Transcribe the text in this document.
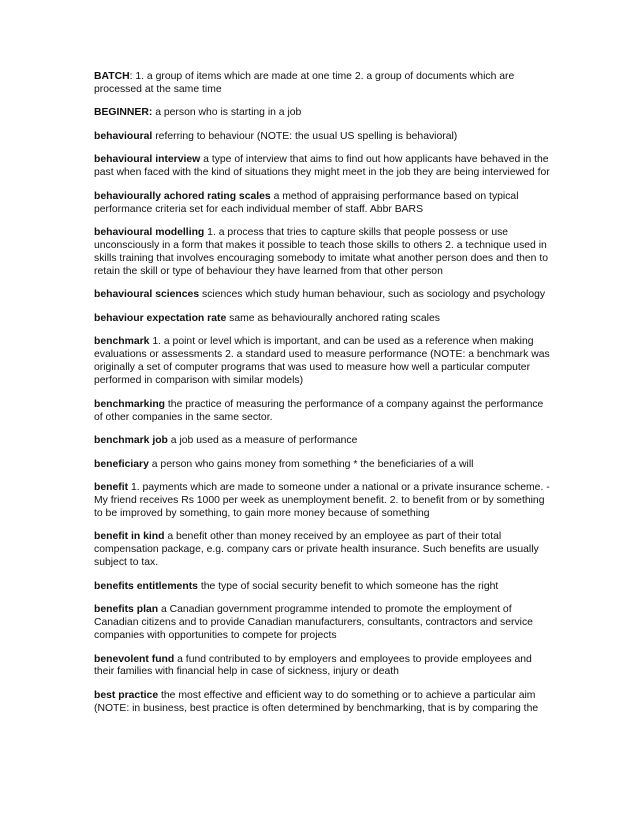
BATCH: 1. a group of items which are made at one time 2. a group of documents which are processed at the same time

BEGINNER: a person who is starting in a job

behavioural referring to behaviour (NOTE: the usual US spelling is behavioral)

behavioural interview a type of interview that aims to find out how applicants have behaved in the past when faced with the kind of situations they might meet in the job they are being interviewed for

behaviourally achored rating scales a method of appraising performance based on typical performance criteria set for each individual member of staff. Abbr BARS

behavioural modelling 1. a process that tries to capture skills that people possess or use unconsciously in a form that makes it possible to teach those skills to others 2. a technique used in skills training that involves encouraging somebody to imitate what another person does and then to retain the skill or type of behaviour they have learned from that other person

behavioural sciences sciences which study human behaviour, such as sociology and psychology

behaviour expectation rate same as behaviourally anchored rating scales

benchmark 1. a point or level which is important, and can be used as a reference when making evaluations or assessments 2. a standard used to measure performance (NOTE: a benchmark was originally a set of computer programs that was used to measure how well a particular computer performed in comparison with similar models)

benchmarking the practice of measuring the performance of a company against the performance of other companies in the same sector.

benchmark job a job used as a measure of performance

beneficiary a person who gains money from something * the beneficiaries of a will

benefit 1. payments which are made to someone under a national or a private insurance scheme. - My friend receives Rs 1000 per week as unemployment benefit. 2. to benefit from or by something to be improved by something, to gain more money because of something

benefit in kind a benefit other than money received by an employee as part of their total compensation package, e.g. company cars or private health insurance. Such benefits are usually subject to tax.

benefits entitlements the type of social security benefit to which someone has the right

benefits plan a Canadian government programme intended to promote the employment of Canadian citizens and to provide Canadian manufacturers, consultants, contractors and service companies with opportunities to compete for projects

benevolent fund a fund contributed to by employers and employees to provide employees and their families with financial help in case of sickness, injury or death

best practice the most effective and efficient way to do something or to achieve a particular aim (NOTE: in business, best practice is often determined by benchmarking, that is by comparing the
